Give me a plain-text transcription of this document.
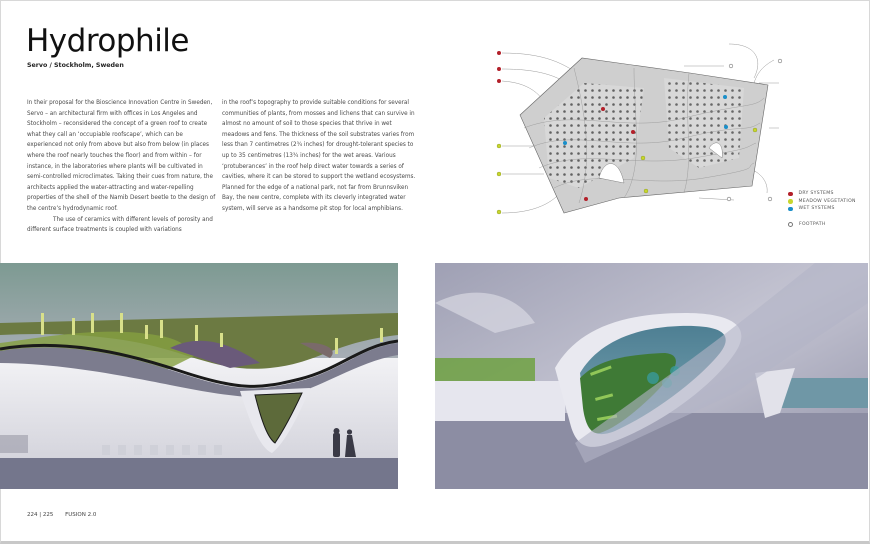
Hydrophile
Servo / Stockholm, Sweden

In their proposal for the Bioscience Innovation Centre in Sweden, Servo – an architectural firm with offices in Los Angeles and Stockholm – reconsidered the concept of a green roof to create what they call an ‘occupiable roofscape’, which can be experienced not only from above but also from below (in places where the roof nearly touches the floor) and from within – for instance, in the laboratories where plants will be cultivated in semi-controlled microclimates. Taking their cues from nature, the architects applied the water-attracting and water-repelling properties of the shell of the Namib Desert beetle to the design of the centre’s hydrodynamic roof.

The use of ceramics with different levels of porosity and different surface treatments is coupled with variations

in the roof’s topography to provide suitable conditions for several communities of plants, from mosses and lichens that can survive in almost no amount of soil to those species that thrive in wet meadows and fens. The thickness of the soil substrates varies from less than 7 centimetres (2¾ inches) for drought-tolerant species to up to 35 centimetres (13¾ inches) for the wet areas. Various ‘protuberances’ in the roof help direct water towards a series of cavities, where it can be stored to support the wetland ecosystems. Planned for the edge of a national park, not far from Brunnsviken Bay, the new centre, complete with its cleverly integrated water system, will serve as a handsome pit stop for local amphibians.

DRY SYSTEMS
MEADOW VEGETATION
WET SYSTEMS
FOOTPATH
224 | 225 FUSION 2.0
